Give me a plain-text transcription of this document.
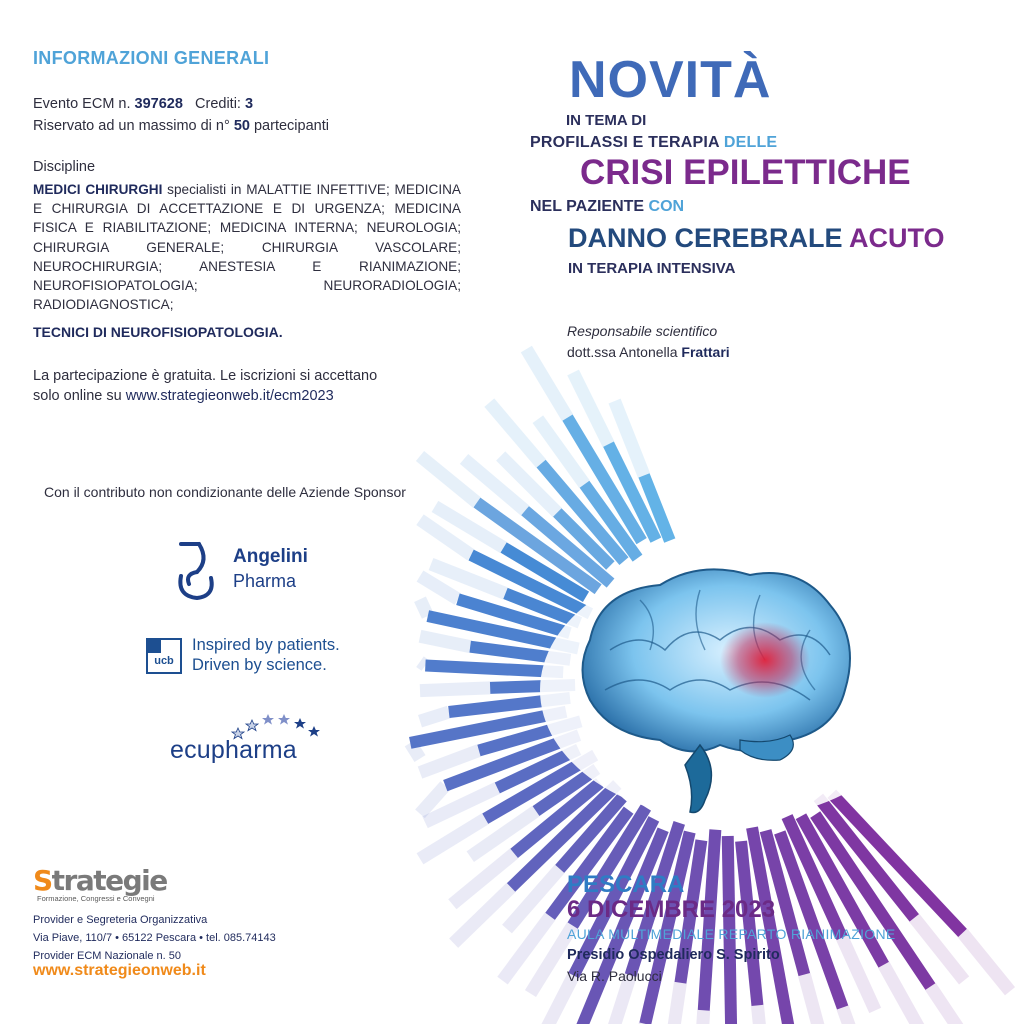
INFORMAZIONI GENERALI
Evento ECM n. 397628 Crediti: 3
Riservato ad un massimo di n° 50 partecipanti
Discipline
MEDICI CHIRURGHI specialisti in MALATTIE INFETTIVE; MEDICINA E CHIRURGIA DI ACCETTAZIONE E DI URGENZA; MEDICINA FISICA E RIABILITAZIONE; MEDICINA INTERNA; NEUROLOGIA; CHIRURGIA GENERALE; CHIRURGIA VASCOLARE; NEUROCHIRURGIA; ANESTESIA E RIANIMAZIONE; NEUROFISIOPATOLOGIA; NEURORADIOLOGIA; RADIODIAGNOSTICA;
TECNICI DI NEUROFISIOPATOLOGIA.
La partecipazione è gratuita. Le iscrizioni si accettano
solo online su www.strategieonweb.it/ecm2023
Con il contributo non condizionante delle Aziende Sponsor
Angelini
Pharma
ucb
Inspired by patients.
Driven by science.
ecupharma
Strategie
Formazione, Congressi e Convegni
Provider e Segreteria Organizzativa
Via Piave, 110/7 • 65122 Pescara • tel. 085.74143
Provider ECM Nazionale n. 50
www.strategieonweb.it
NOVITÀ
IN TEMA DI
PROFILASSI E TERAPIA DELLE
CRISI EPILETTICHE
NEL PAZIENTE CON
DANNO CEREBRALE ACUTO
IN TERAPIA INTENSIVA
Responsabile scientifico
dott.ssa Antonella Frattari
PESCARA
6 DICEMBRE 2023
AULA MULTIMEDIALE REPARTO RIANIMAZIONE
Presidio Ospedaliero S. Spirito
Via R. Paolucci
